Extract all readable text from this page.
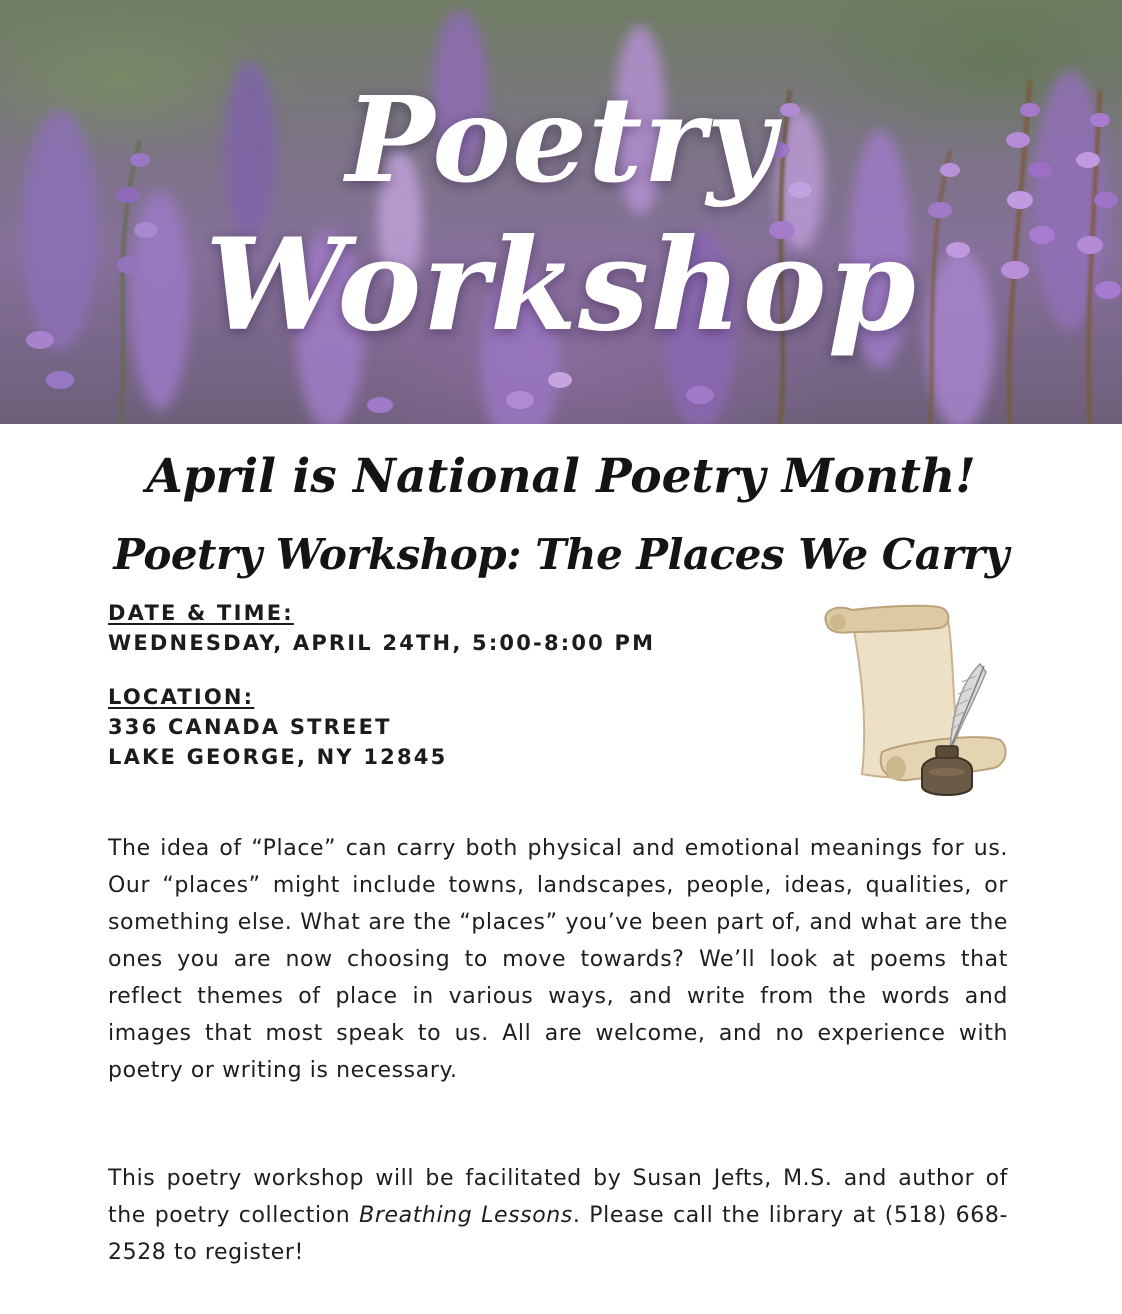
Poetry
Workshop
April is National Poetry Month!
Poetry Workshop: The Places We Carry
DATE & TIME:
WEDNESDAY, APRIL 24TH, 5:00-8:00 PM
LOCATION:
336 CANADA STREET
LAKE GEORGE, NY 12845
The idea of “Place” can carry both physical and emotional meanings for us. Our “places” might include towns, landscapes, people, ideas, qualities, or something else. What are the “places” you’ve been part of, and what are the ones you are now choosing to move towards? We’ll look at poems that reflect themes of place in various ways, and write from the words and images that most speak to us. All are welcome, and no experience with poetry or writing is necessary.
This poetry workshop will be facilitated by Susan Jefts, M.S. and author of the poetry collection Breathing Lessons. Please call the library at (518) 668-2528 to register!
